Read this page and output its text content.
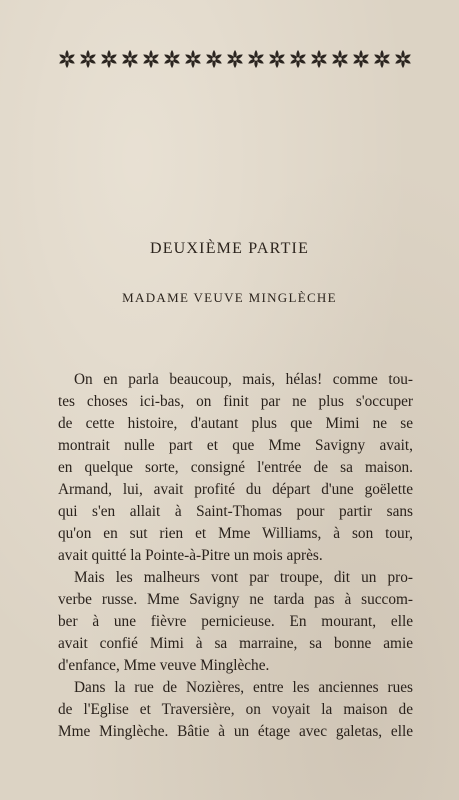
DEUXIÈME PARTIE
MADAME VEUVE MINGLÈCHE
On en parla beaucoup, mais, hélas! comme tou-
tes choses ici-bas, on finit par ne plus s'occuper
de cette histoire, d'autant plus que Mimi ne se
montrait nulle part et que Mme Savigny avait,
en quelque sorte, consigné l'entrée de sa maison.
Armand, lui, avait profité du départ d'une goëlette
qui s'en allait à Saint-Thomas pour partir sans
qu'on en sut rien et Mme Williams, à son tour,
avait quitté la Pointe-à-Pitre un mois après.
Mais les malheurs vont par troupe, dit un pro-
verbe russe. Mme Savigny ne tarda pas à succom-
ber à une fièvre pernicieuse. En mourant, elle
avait confié Mimi à sa marraine, sa bonne amie
d'enfance, Mme veuve Minglèche.
Dans la rue de Nozières, entre les anciennes rues
de l'Eglise et Traversière, on voyait la maison de
Mme Minglèche. Bâtie à un étage avec galetas, elle
